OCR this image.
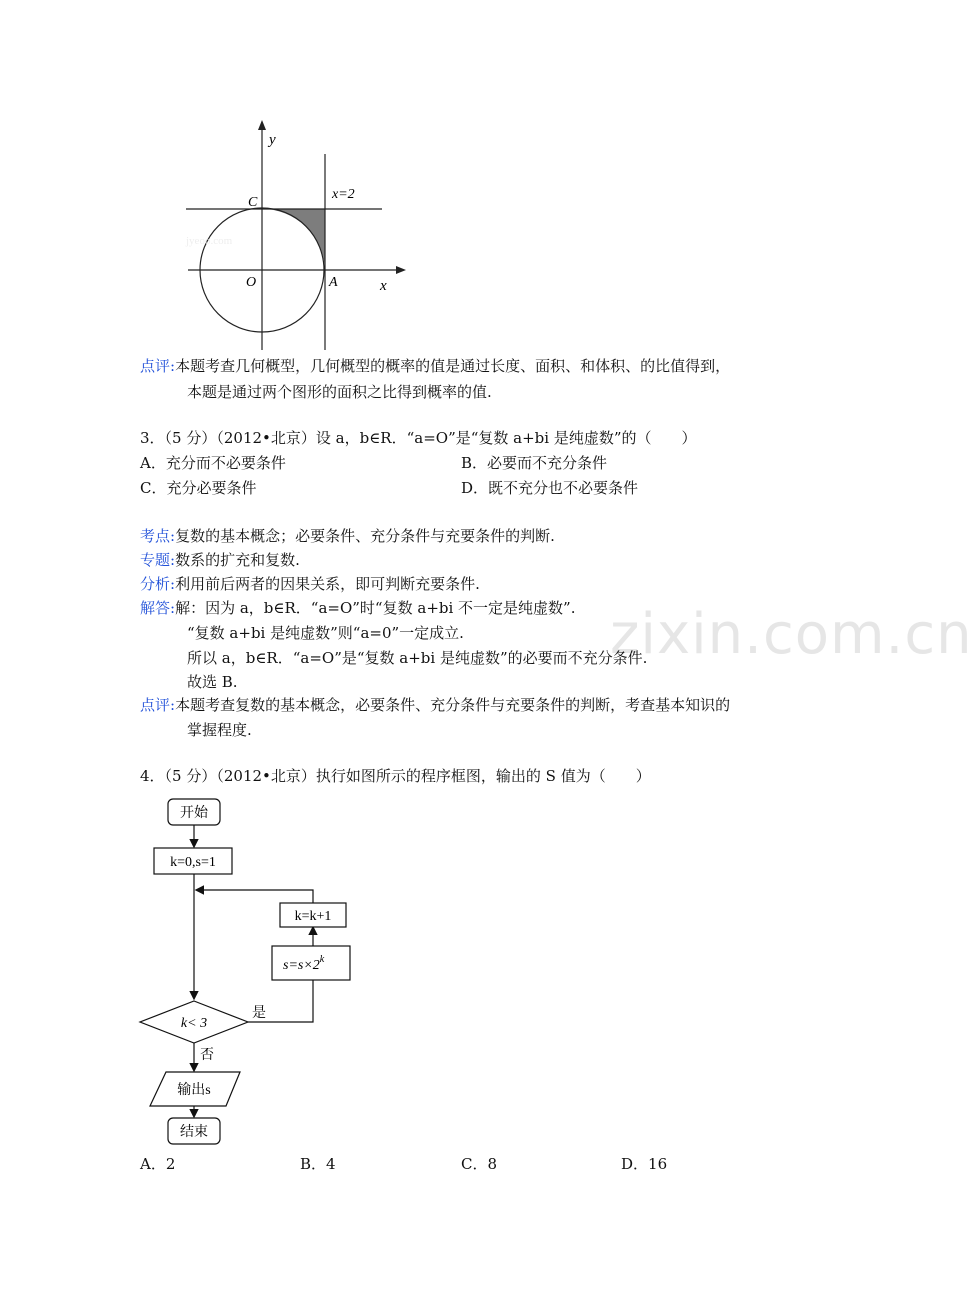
zixin.com.cn
y
x
x=2
C
O	A
jyeoo.com
点评:本题考查几何概型，几何概型的概率的值是通过长度、面积、和体积、的比值得到，
本题是通过两个图形的面积之比得到概率的值.
3．（5 分）（2012•北京）设 a，b∈R．“a=O”是“复数 a+bi 是纯虚数”的（　　）
A．充分而不必要条件	B．必要而不充分条件
C．充分必要条件	D．既不充分也不必要条件
考点:复数的基本概念；必要条件、充分条件与充要条件的判断.
专题:数系的扩充和复数.
分析:利用前后两者的因果关系，即可判断充要条件.
解答:解：因为 a，b∈R．“a=O”时“复数 a+bi 不一定是纯虚数”.
“复数 a+bi 是纯虚数”则“a=0”一定成立.
所以 a，b∈R．“a=O”是“复数 a+bi 是纯虚数”的必要而不充分条件.
故选 B.
点评:本题考查复数的基本概念，必要条件、充分条件与充要条件的判断，考查基本知识的
掌握程度.
4．（5 分）（2012•北京）执行如图所示的程序框图，输出的 S 值为（　　）
开始
k=0,s=1
k< 3
是
$s=s\times 2^k$
k=k+1
否
输出s
结束
A．2	B．4	C．8	D．16
